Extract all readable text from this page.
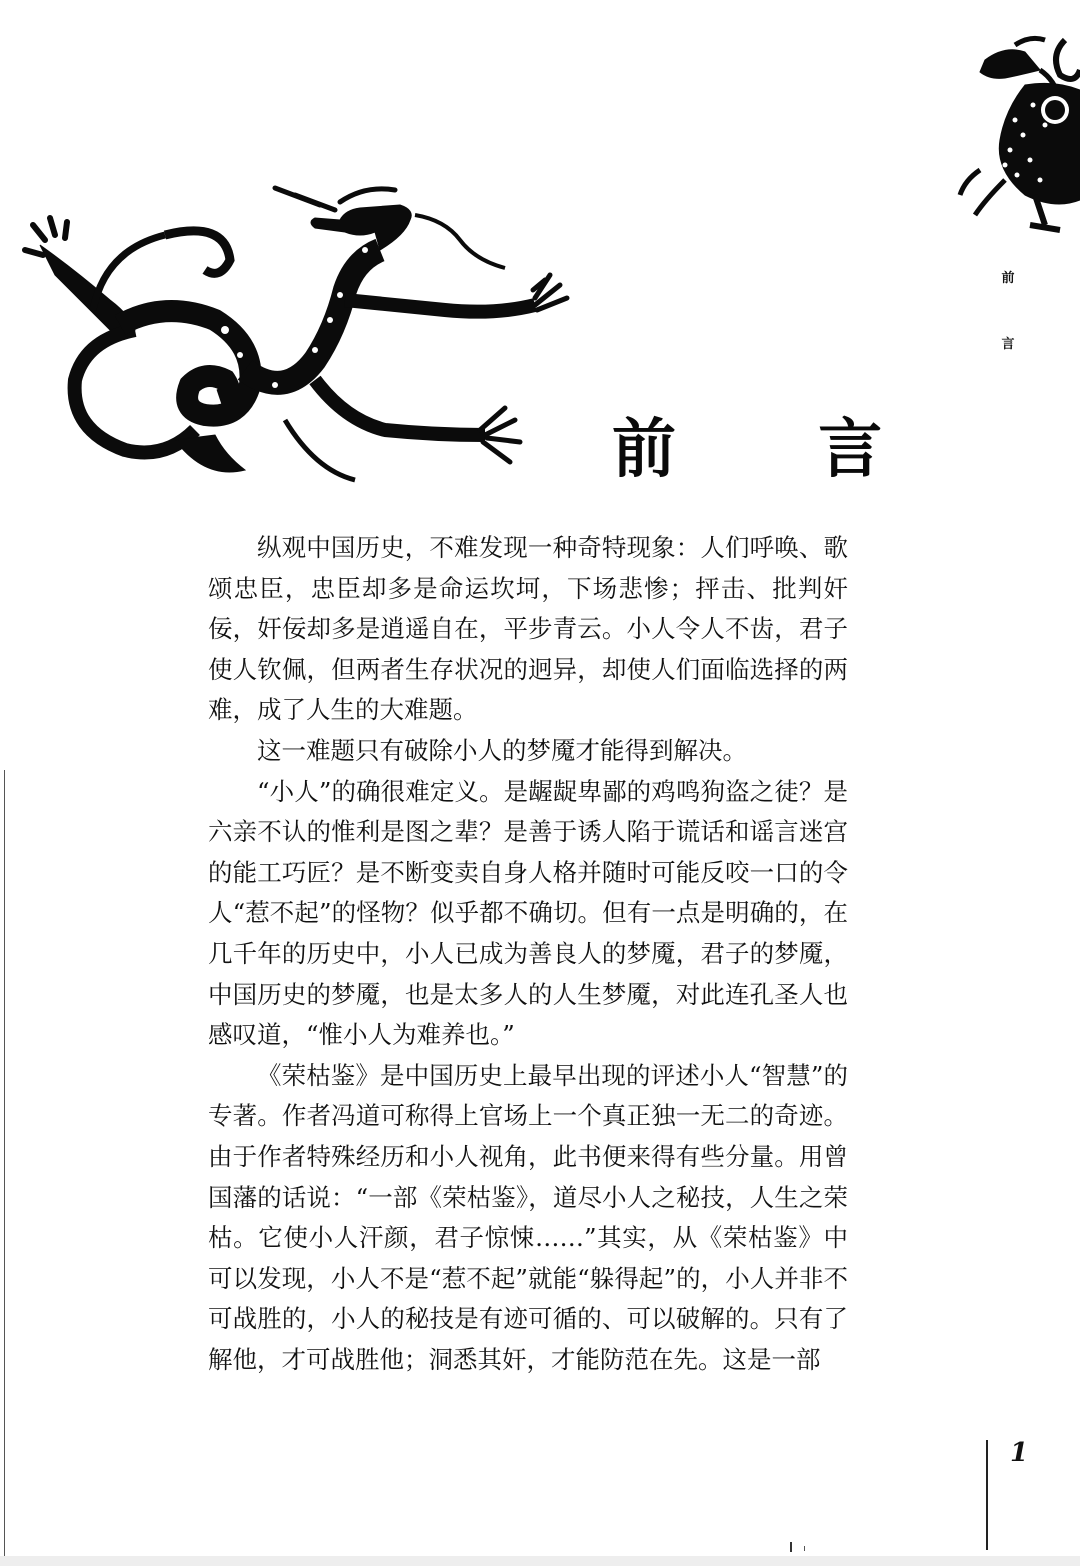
前
言
前 言

纵观中国历史，不难发现一种奇特现象：人们呼唤、歌颂忠臣，忠臣却多是命运坎坷，下场悲惨；抨击、批判奸佞，奸佞却多是逍遥自在，平步青云。小人令人不齿，君子使人钦佩，但两者生存状况的迥异，却使人们面临选择的两难，成了人生的大难题。

这一难题只有破除小人的梦魇才能得到解决。

“小人”的确很难定义。是龌龊卑鄙的鸡鸣狗盗之徒？是六亲不认的惟利是图之辈？是善于诱人陷于谎话和谣言迷宫的能工巧匠？是不断变卖自身人格并随时可能反咬一口的令人“惹不起”的怪物？似乎都不确切。但有一点是明确的，在几千年的历史中，小人已成为善良人的梦魇，君子的梦魇，中国历史的梦魇，也是太多人的人生梦魇，对此连孔圣人也感叹道，“惟小人为难养也。”

《荣枯鉴》是中国历史上最早出现的评述小人“智慧”的专著。作者冯道可称得上官场上一个真正独一无二的奇迹。由于作者特殊经历和小人视角，此书便来得有些分量。用曾国藩的话说：“一部《荣枯鉴》，道尽小人之秘技，人生之荣枯。它使小人汗颜，君子惊悚……”其实，从《荣枯鉴》中可以发现，小人不是“惹不起”就能“躲得起”的，小人并非不可战胜的，小人的秘技是有迹可循的、可以破解的。只有了解他，才可战胜他；洞悉其奸，才能防范在先。这是一部

1
